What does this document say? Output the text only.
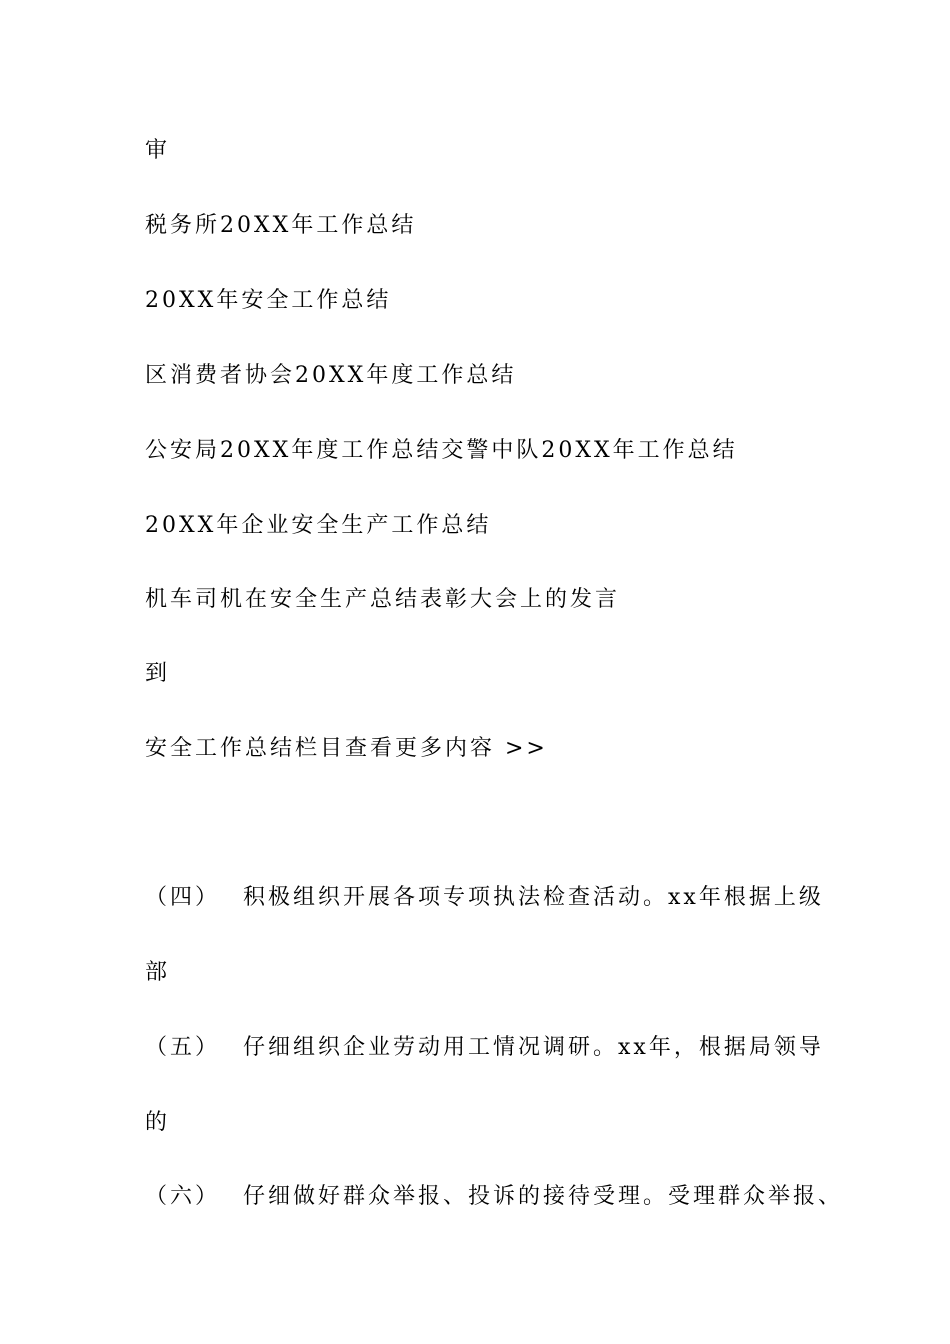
审
税务所20XX年工作总结
20XX年安全工作总结
区消费者协会20XX年度工作总结
公安局20XX年度工作总结交警中队20XX年工作总结
20XX年企业安全生产工作总结
机车司机在安全生产总结表彰大会上的发言
到
安全工作总结栏目查看更多内容 >>
（四） 积极组织开展各项专项执法检查活动。xx年根据上级
部
（五） 仔细组织企业劳动用工情况调研。xx年，根据局领导
的
（六） 仔细做好群众举报、投诉的接待受理。受理群众举报、
